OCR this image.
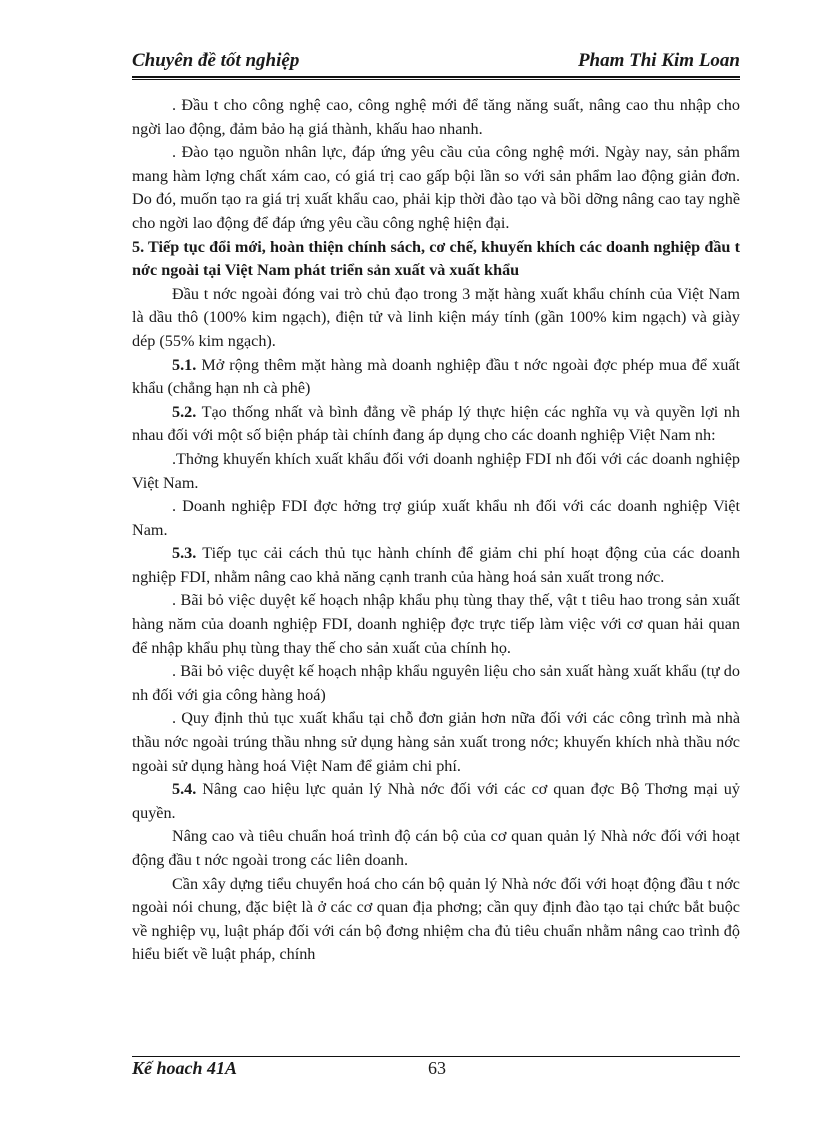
Chuyên đề tốt nghiệp	Pham Thi Kim Loan

. Đầu t cho công nghệ cao, công nghệ mới để tăng năng suất, nâng cao thu nhập cho ngời lao động, đảm bảo hạ giá thành, khấu hao nhanh.

. Đào tạo nguồn nhân lực, đáp ứng yêu cầu của công nghệ mới. Ngày nay, sản phẩm mang hàm lợng chất xám cao, có giá trị cao gấp bội lần so với sản phẩm lao động giản đơn. Do đó, muốn tạo ra giá trị xuất khẩu cao, phải kịp thời đào tạo và bồi dỡng nâng cao tay nghề cho ngời lao động để đáp ứng yêu cầu công nghệ hiện đại.

5. Tiếp tục đổi mới, hoàn thiện chính sách, cơ chế, khuyến khích các doanh nghiệp đầu t nớc ngoài tại Việt Nam phát triển sản xuất và xuất khẩu

Đầu t nớc ngoài đóng vai trò chủ đạo trong 3 mặt hàng xuất khẩu chính của Việt Nam là dầu thô (100% kim ngạch), điện tử và linh kiện máy tính (gần 100% kim ngạch) và giày dép (55% kim ngạch).

5.1. Mở rộng thêm mặt hàng mà doanh nghiệp đầu t nớc ngoài đợc phép mua để xuất khẩu (chẳng hạn nh cà phê)

5.2. Tạo thống nhất và bình đẳng về pháp lý thực hiện các nghĩa vụ và quyền lợi nh nhau đối với một số biện pháp tài chính đang áp dụng cho các doanh nghiệp Việt Nam nh:

.Thởng khuyến khích xuất khẩu đối với doanh nghiệp FDI nh đối với các doanh nghiệp Việt Nam.

. Doanh nghiệp FDI đợc hởng trợ giúp xuất khẩu nh đối với các doanh nghiệp Việt Nam.

5.3. Tiếp tục cải cách thủ tục hành chính để giảm chi phí hoạt động của các doanh nghiệp FDI, nhằm nâng cao khả năng cạnh tranh của hàng hoá sản xuất trong nớc.

. Bãi bỏ việc duyệt kế hoạch nhập khẩu phụ tùng thay thế, vật t tiêu hao trong sản xuất hàng năm của doanh nghiệp FDI, doanh nghiệp đợc trực tiếp làm việc với cơ quan hải quan để nhập khẩu phụ tùng thay thế cho sản xuất của chính họ.

. Bãi bỏ việc duyệt kế hoạch nhập khẩu nguyên liệu cho sản xuất hàng xuất khẩu (tự do nh đối với gia công hàng hoá)

. Quy định thủ tục xuất khẩu tại chỗ đơn giản hơn nữa đối với các công trình mà nhà thầu nớc ngoài trúng thầu nhng sử dụng hàng sản xuất trong nớc; khuyến khích nhà thầu nớc ngoài sử dụng hàng hoá Việt Nam để giảm chi phí.

5.4. Nâng cao hiệu lực quản lý Nhà nớc đối với các cơ quan đợc Bộ Thơng mại uỷ quyền.

Nâng cao và tiêu chuẩn hoá trình độ cán bộ của cơ quan quản lý Nhà nớc đối với hoạt động đầu t nớc ngoài trong các liên doanh.

Cần xây dựng tiểu chuyển hoá cho cán bộ quản lý Nhà nớc đối với hoạt động đầu t nớc ngoài nói chung, đặc biệt là ở các cơ quan địa phơng; cần quy định đào tạo tại chức bắt buộc về nghiệp vụ, luật pháp đối với cán bộ đơng nhiệm cha đủ tiêu chuẩn nhằm nâng cao trình độ hiểu biết về luật pháp, chính

Kế hoach 41A	63
